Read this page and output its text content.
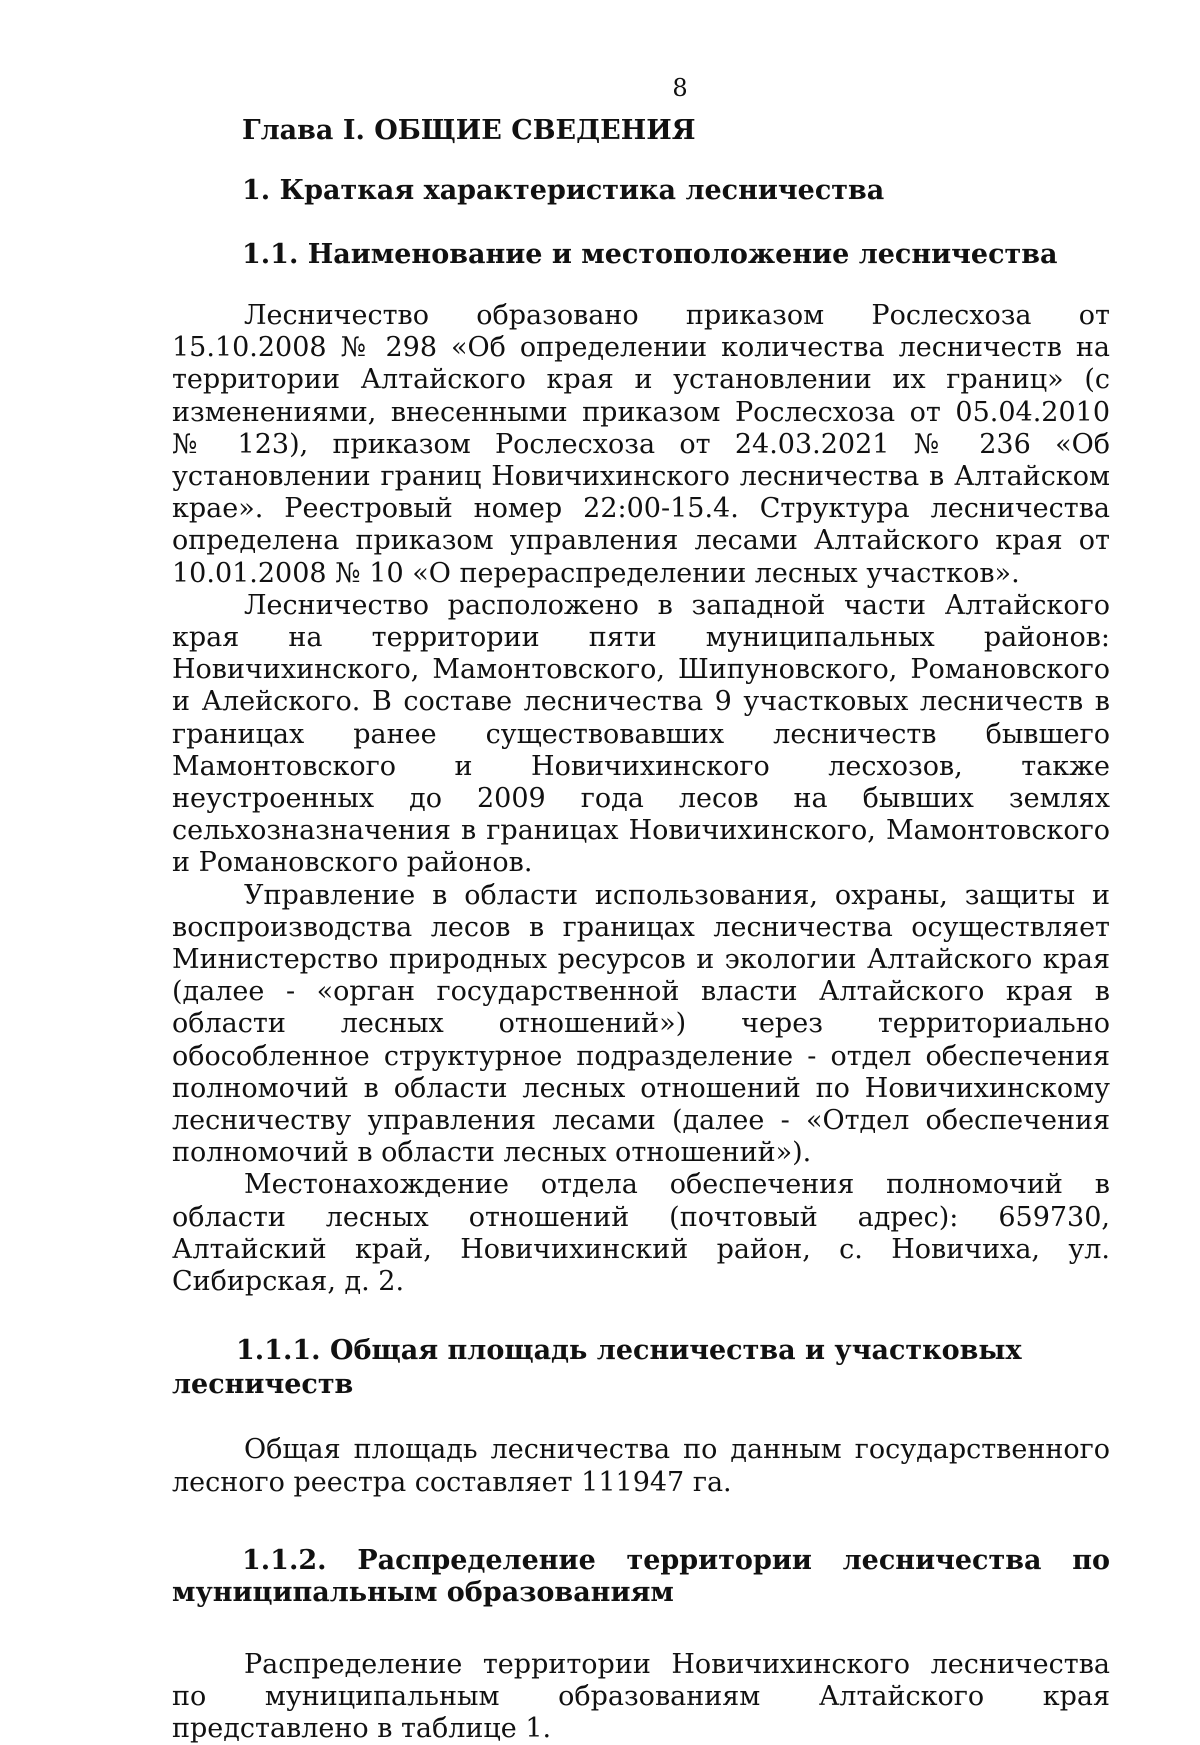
8

Глава I. ОБЩИЕ СВЕДЕНИЯ

1. Краткая характеристика лесничества

1.1. Наименование и местоположение лесничества

Лесничество образовано приказом Рослесхоза от 15.10.2008 № 298 «Об определении количества лесничеств на территории Алтайского края и установлении их границ» (с изменениями, внесенными приказом Рослесхоза от 05.04.2010 № 123), приказом Рослесхоза от 24.03.2021 № 236 «Об установлении границ Новичихинского лесничества в Алтайском крае». Реестровый номер 22:00-15.4. Структура лесничества определена приказом управления лесами Алтайского края от 10.01.2008 № 10 «О перераспределении лесных участков».

Лесничество расположено в западной части Алтайского края на территории пяти муниципальных районов: Новичихинского, Мамонтовского, Шипуновского, Романовского и Алейского. В составе лесничества 9 участковых лесничеств в границах ранее существовавших лесничеств бывшего Мамонтовского и Новичихинского лесхозов, также неустроенных до 2009 года лесов на бывших землях сельхозназначения в границах Новичихинского, Мамонтовского и Романовского районов.

Управление в области использования, охраны, защиты и воспроизводства лесов в границах лесничества осуществляет Министерство природных ресурсов и экологии Алтайского края (далее - «орган государственной власти Алтайского края в области лесных отношений») через территориально обособленное структурное подразделение - отдел обеспечения полномочий в области лесных отношений по Новичихинскому лесничеству управления лесами (далее - «Отдел обеспечения полномочий в области лесных отношений»).

Местонахождение отдела обеспечения полномочий в области лесных отношений (почтовый адрес): 659730, Алтайский край, Новичихинский район, с. Новичиха, ул. Сибирская, д. 2.

1.1.1. Общая площадь лесничества и участковых лесничеств

Общая площадь лесничества по данным государственного лесного реестра составляет 111947 га.

1.1.2. Распределение территории лесничества по муниципальным образованиям

Распределение территории Новичихинского лесничества по муниципальным образованиям Алтайского края представлено в таблице 1.
